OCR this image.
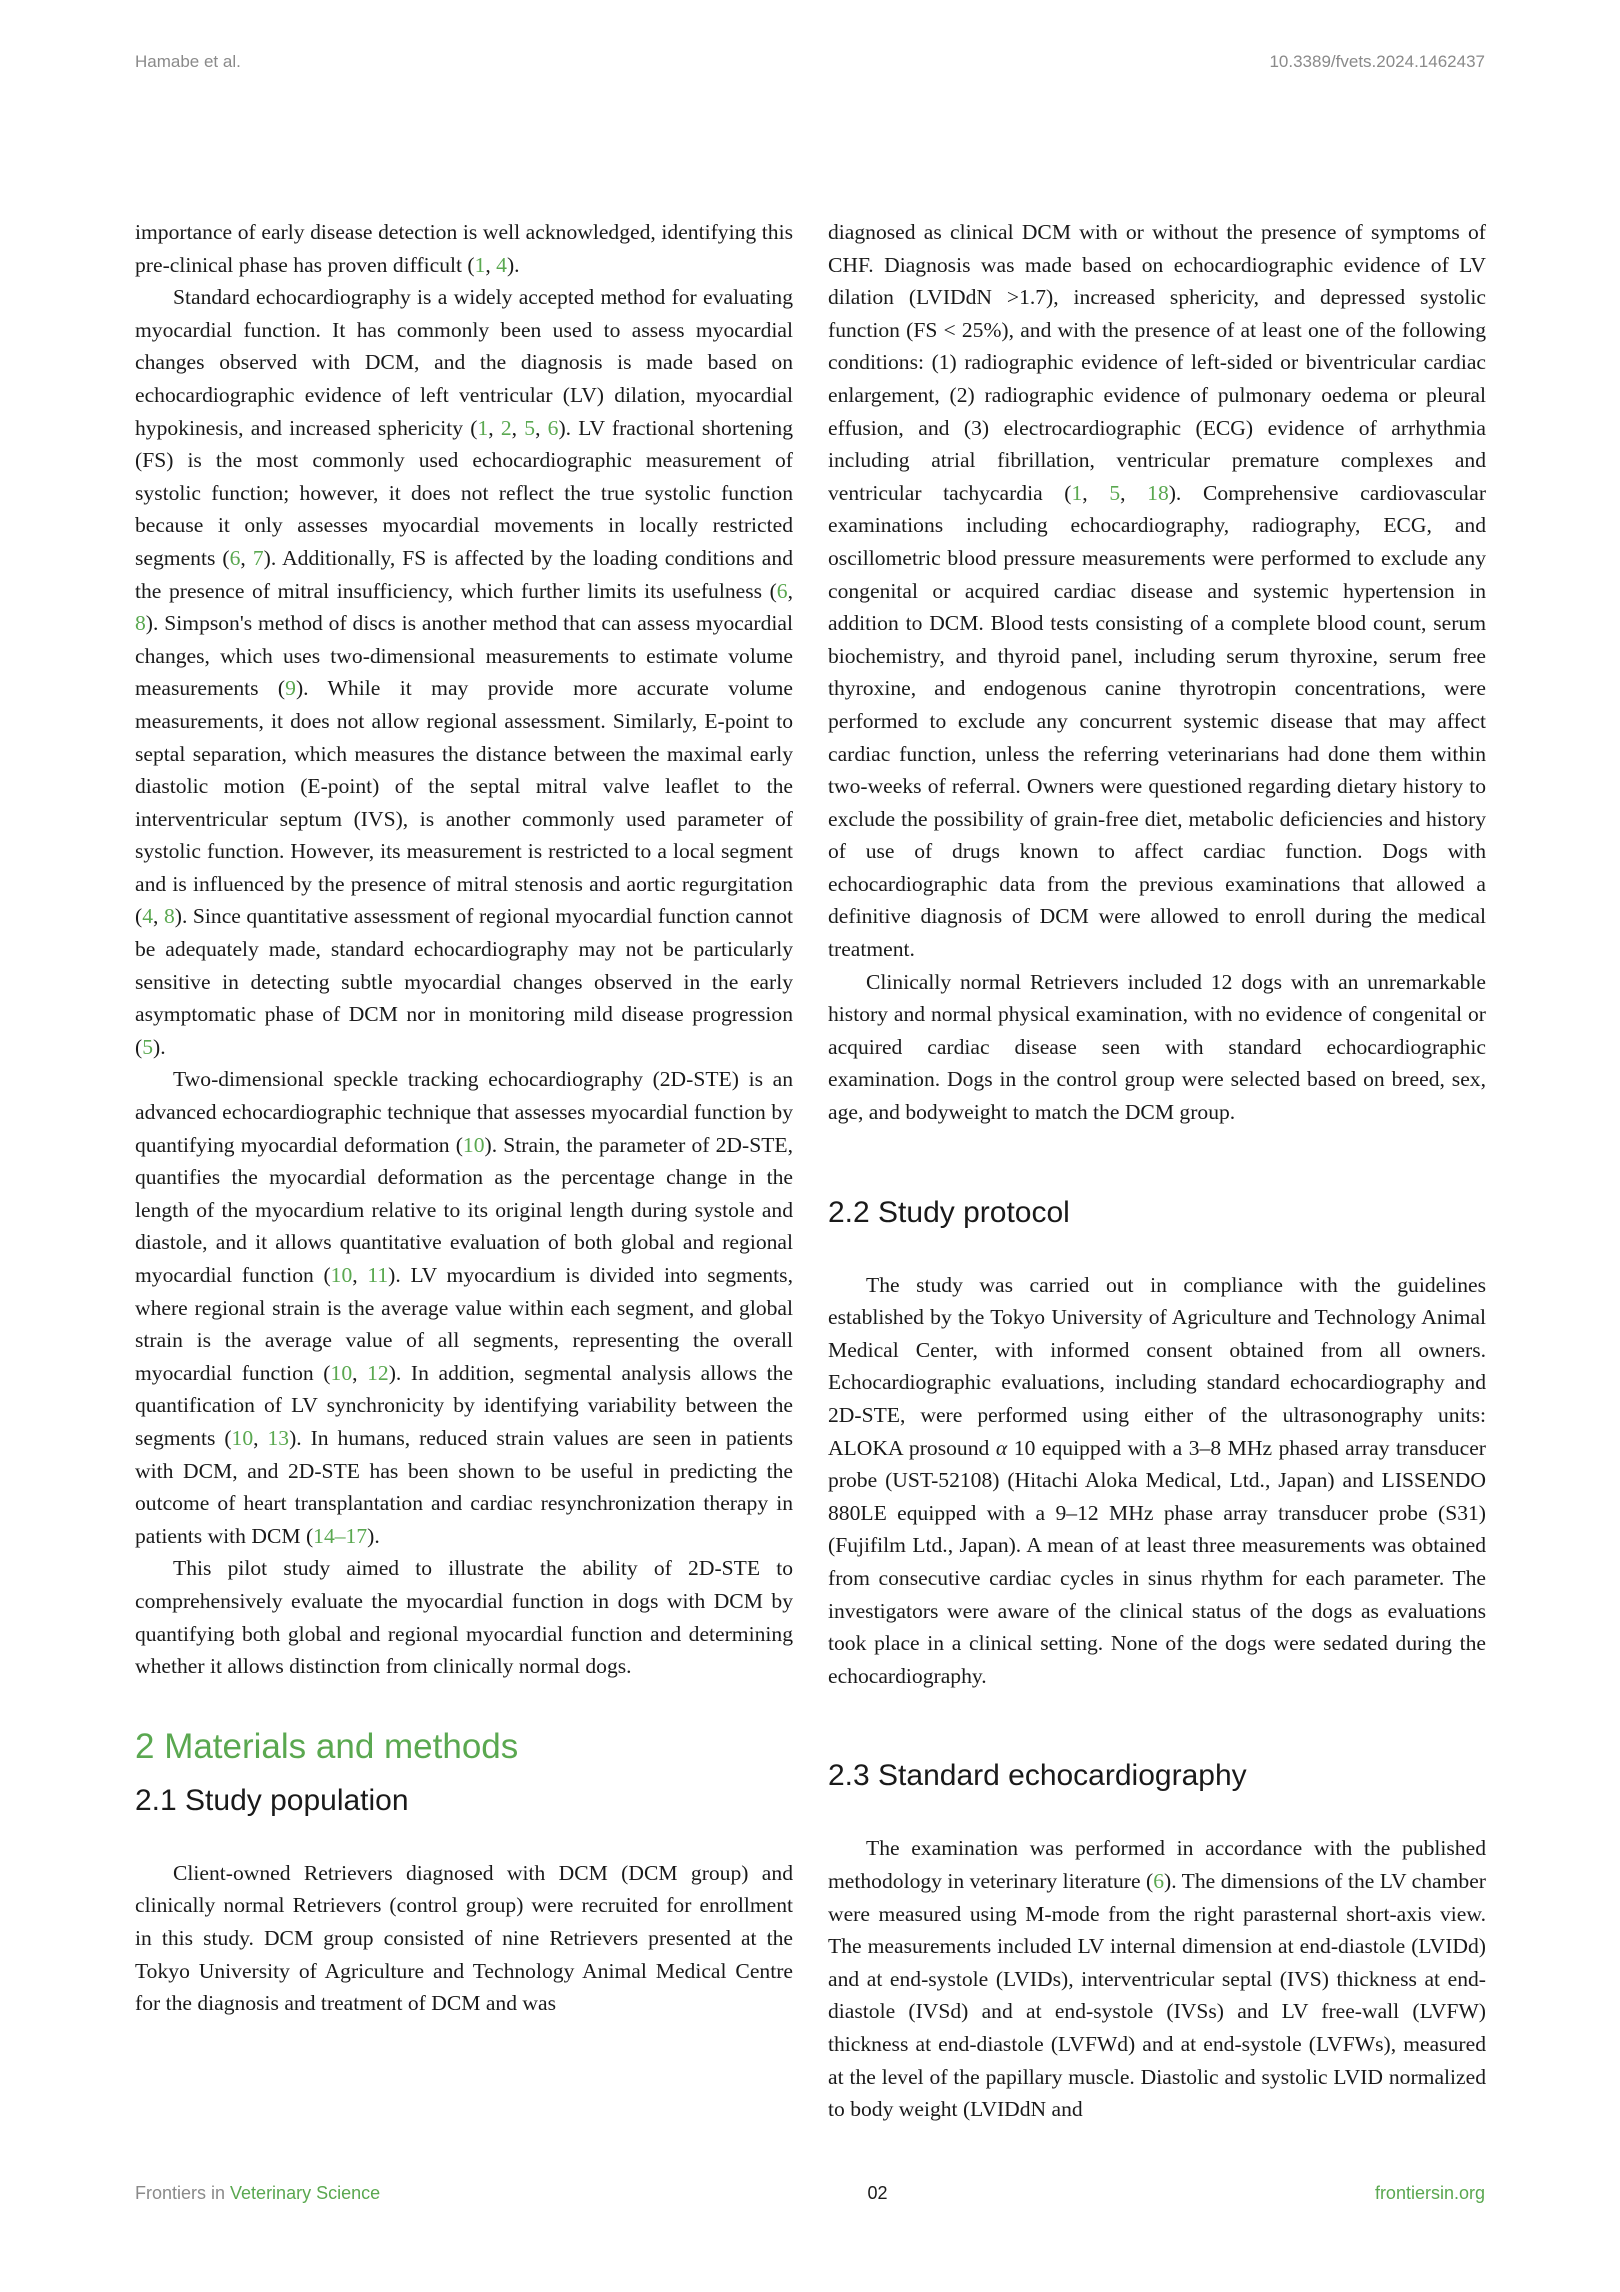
Hamabe et al.	10.3389/fvets.2024.1462437

importance of early disease detection is well acknowledged, identifying this pre-clinical phase has proven difficult (1, 4).

Standard echocardiography is a widely accepted method for evaluating myocardial function. It has commonly been used to assess myocardial changes observed with DCM, and the diagnosis is made based on echocardiographic evidence of left ventricular (LV) dilation, myocardial hypokinesis, and increased sphericity (1, 2, 5, 6). LV fractional shortening (FS) is the most commonly used echocardiographic measurement of systolic function; however, it does not reflect the true systolic function because it only assesses myocardial movements in locally restricted segments (6, 7). Additionally, FS is affected by the loading conditions and the presence of mitral insufficiency, which further limits its usefulness (6, 8). Simpson's method of discs is another method that can assess myocardial changes, which uses two-dimensional measurements to estimate volume measurements (9). While it may provide more accurate volume measurements, it does not allow regional assessment. Similarly, E-point to septal separation, which measures the distance between the maximal early diastolic motion (E-point) of the septal mitral valve leaflet to the interventricular septum (IVS), is another commonly used parameter of systolic function. However, its measurement is restricted to a local segment and is influenced by the presence of mitral stenosis and aortic regurgitation (4, 8). Since quantitative assessment of regional myocardial function cannot be adequately made, standard echocardiography may not be particularly sensitive in detecting subtle myocardial changes observed in the early asymptomatic phase of DCM nor in monitoring mild disease progression (5).

Two-dimensional speckle tracking echocardiography (2D-STE) is an advanced echocardiographic technique that assesses myocardial function by quantifying myocardial deformation (10). Strain, the parameter of 2D-STE, quantifies the myocardial deformation as the percentage change in the length of the myocardium relative to its original length during systole and diastole, and it allows quantitative evaluation of both global and regional myocardial function (10, 11). LV myocardium is divided into segments, where regional strain is the average value within each segment, and global strain is the average value of all segments, representing the overall myocardial function (10, 12). In addition, segmental analysis allows the quantification of LV synchronicity by identifying variability between the segments (10, 13). In humans, reduced strain values are seen in patients with DCM, and 2D-STE has been shown to be useful in predicting the outcome of heart transplantation and cardiac resynchronization therapy in patients with DCM (14–17).

This pilot study aimed to illustrate the ability of 2D-STE to comprehensively evaluate the myocardial function in dogs with DCM by quantifying both global and regional myocardial function and determining whether it allows distinction from clinically normal dogs.

2 Materials and methods
2.1 Study population

Client-owned Retrievers diagnosed with DCM (DCM group) and clinically normal Retrievers (control group) were recruited for enrollment in this study. DCM group consisted of nine Retrievers presented at the Tokyo University of Agriculture and Technology Animal Medical Centre for the diagnosis and treatment of DCM and was

diagnosed as clinical DCM with or without the presence of symptoms of CHF. Diagnosis was made based on echocardiographic evidence of LV dilation (LVIDdN >1.7), increased sphericity, and depressed systolic function (FS < 25%), and with the presence of at least one of the following conditions: (1) radiographic evidence of left-sided or biventricular cardiac enlargement, (2) radiographic evidence of pulmonary oedema or pleural effusion, and (3) electrocardiographic (ECG) evidence of arrhythmia including atrial fibrillation, ventricular premature complexes and ventricular tachycardia (1, 5, 18). Comprehensive cardiovascular examinations including echocardiography, radiography, ECG, and oscillometric blood pressure measurements were performed to exclude any congenital or acquired cardiac disease and systemic hypertension in addition to DCM. Blood tests consisting of a complete blood count, serum biochemistry, and thyroid panel, including serum thyroxine, serum free thyroxine, and endogenous canine thyrotropin concentrations, were performed to exclude any concurrent systemic disease that may affect cardiac function, unless the referring veterinarians had done them within two-weeks of referral. Owners were questioned regarding dietary history to exclude the possibility of grain-free diet, metabolic deficiencies and history of use of drugs known to affect cardiac function. Dogs with echocardiographic data from the previous examinations that allowed a definitive diagnosis of DCM were allowed to enroll during the medical treatment.

Clinically normal Retrievers included 12 dogs with an unremarkable history and normal physical examination, with no evidence of congenital or acquired cardiac disease seen with standard echocardiographic examination. Dogs in the control group were selected based on breed, sex, age, and bodyweight to match the DCM group.

2.2 Study protocol

The study was carried out in compliance with the guidelines established by the Tokyo University of Agriculture and Technology Animal Medical Center, with informed consent obtained from all owners. Echocardiographic evaluations, including standard echocardiography and 2D-STE, were performed using either of the ultrasonography units: ALOKA prosound α 10 equipped with a 3–8 MHz phased array transducer probe (UST-52108) (Hitachi Aloka Medical, Ltd., Japan) and LISSENDO 880LE equipped with a 9–12 MHz phase array transducer probe (S31) (Fujifilm Ltd., Japan). A mean of at least three measurements was obtained from consecutive cardiac cycles in sinus rhythm for each parameter. The investigators were aware of the clinical status of the dogs as evaluations took place in a clinical setting. None of the dogs were sedated during the echocardiography.

2.3 Standard echocardiography

The examination was performed in accordance with the published methodology in veterinary literature (6). The dimensions of the LV chamber were measured using M-mode from the right parasternal short-axis view. The measurements included LV internal dimension at end-diastole (LVIDd) and at end-systole (LVIDs), interventricular septal (IVS) thickness at end-diastole (IVSd) and at end-systole (IVSs) and LV free-wall (LVFW) thickness at end-diastole (LVFWd) and at end-systole (LVFWs), measured at the level of the papillary muscle. Diastolic and systolic LVID normalized to body weight (LVIDdN and

Frontiers in Veterinary Science	02	frontiersin.org
